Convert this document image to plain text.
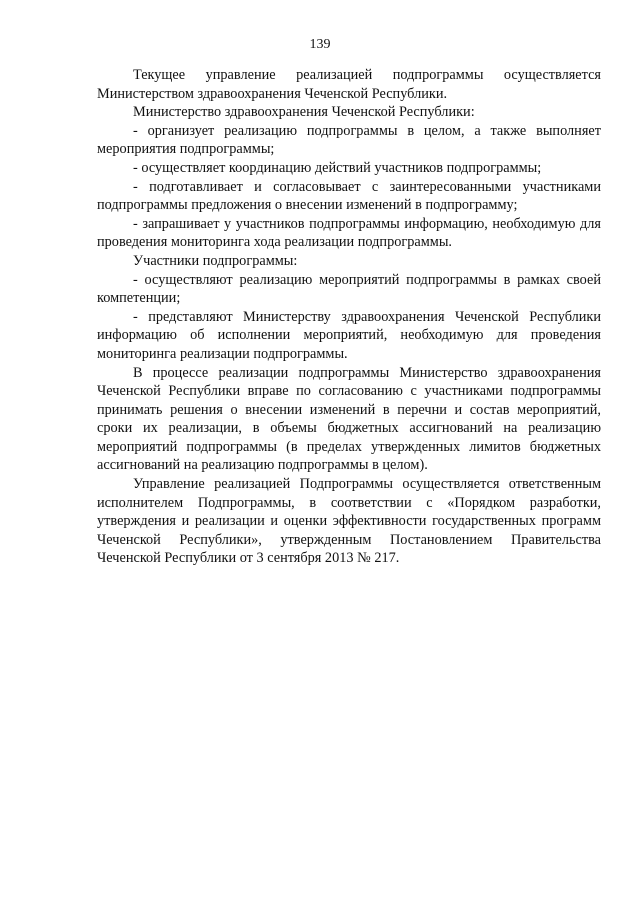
139

Текущее управление реализацией подпрограммы осуществляется Министерством здравоохранения Чеченской Республики.

Министерство здравоохранения Чеченской Республики:

- организует реализацию подпрограммы в целом, а также выполняет мероприятия подпрограммы;

- осуществляет координацию действий участников подпрограммы;

- подготавливает и согласовывает с заинтересованными участниками подпрограммы предложения о внесении изменений в подпрограмму;

- запрашивает у участников подпрограммы информацию, необходимую для проведения мониторинга хода реализации подпрограммы.

Участники подпрограммы:

- осуществляют реализацию мероприятий подпрограммы в рамках своей компетенции;

- представляют Министерству здравоохранения Чеченской Республики информацию об исполнении мероприятий, необходимую для проведения мониторинга реализации подпрограммы.

В процессе реализации подпрограммы Министерство здравоохранения Чеченской Республики вправе по согласованию с участниками подпрограммы принимать решения о внесении изменений в перечни и состав мероприятий, сроки их реализации, в объемы бюджетных ассигнований на реализацию мероприятий подпрограммы (в пределах утвержденных лимитов бюджетных ассигнований на реализацию подпрограммы в целом).

Управление реализацией Подпрограммы осуществляется ответственным исполнителем Подпрограммы, в соответствии с «Порядком разработки, утверждения и реализации и оценки эффективности государственных программ Чеченской Республики», утвержденным Постановлением Правительства Чеченской Республики от 3 сентября 2013 № 217.
